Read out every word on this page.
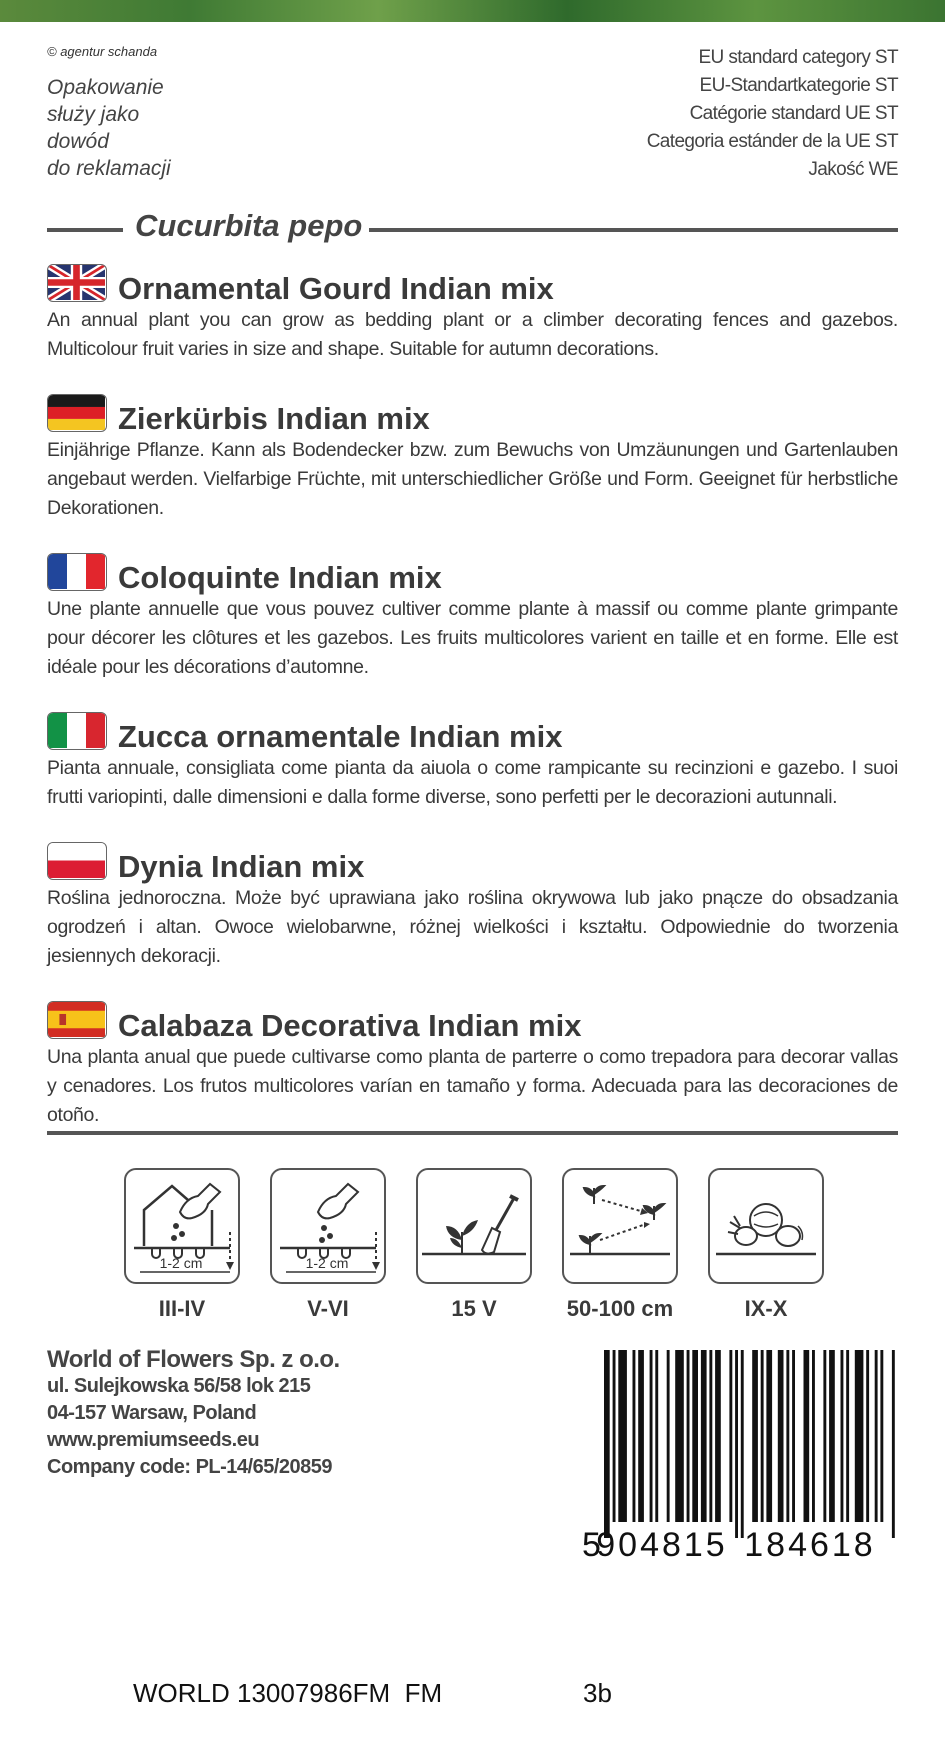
© agentur schanda
Opakowanie
służy jako
dowód
do reklamacji
EU standard category ST
EU-Standartkategorie ST
Catégorie standard UE ST
Categoria estánder de la UE ST
Jakość WE
Cucurbita pepo
Ornamental Gourd Indian mix
An annual plant you can grow as bedding plant or a climber decorating fences and gazebos. Multicolour fruit varies in size and shape. Suitable for autumn decorations.
Zierkürbis Indian mix
Einjährige Pflanze. Kann als Bodendecker bzw. zum Bewuchs von Umzäunungen und Gartenlauben angebaut werden. Vielfarbige Früchte, mit unterschiedlicher Größe und Form. Geeignet für herbstliche Dekorationen.
Coloquinte Indian mix
Une plante annuelle que vous pouvez cultiver comme plante à massif ou comme plante grimpante pour décorer les clôtures et les gazebos. Les fruits multicolores varient en taille et en forme. Elle est idéale pour les décorations d’automne.
Zucca ornamentale Indian mix
Pianta annuale, consigliata come pianta da aiuola o come rampicante su recinzioni e gazebo. I suoi frutti variopinti, dalle dimensioni e dalla forme diverse, sono perfetti per le decorazioni autunnali.
Dynia Indian mix
Roślina jednoroczna. Może być uprawiana jako roślina okrywowa lub jako pnącze do obsadzania ogrodzeń i altan. Owoce wielobarwne, różnej wielkości i kształtu. Odpowiednie do tworzenia jesiennych dekoracji.
Calabaza Decorativa Indian mix
Una planta anual que puede cultivarse como planta de parterre o como trepadora para decorar vallas y cenadores. Los frutos multicolores varían en tamaño y forma. Adecuada para las decoraciones de otoño.
1-2 cm	1-2 cm
III-IV	V-VI	15 V	50-100 cm	IX-X
World of Flowers Sp. z o.o.
ul. Sulejkowska 56/58 lok 215
04-157 Warsaw, Poland
www.premiumseeds.eu
Company code: PL-14/65/20859
5
904815 184618
WORLD 13007986FM  FM	3b
